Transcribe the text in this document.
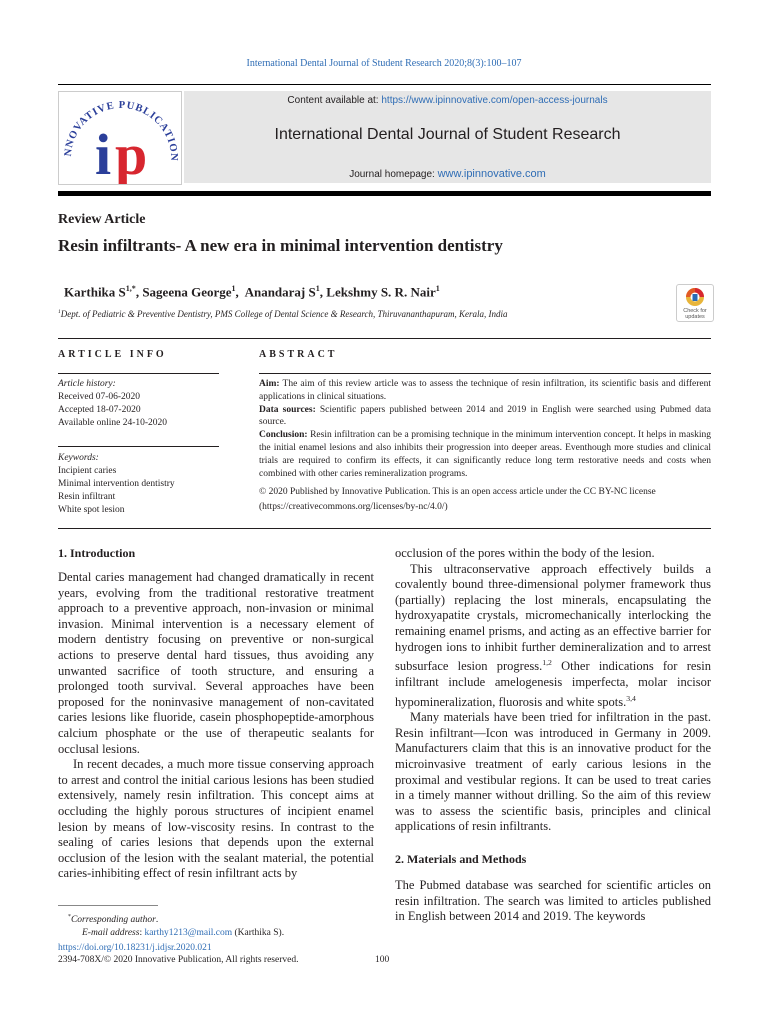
International Dental Journal of Student Research 2020;8(3):100–107
NNOVATIVE PUBLICATION
i p
Content available at: https://www.ipinnovative.com/open-access-journals
International Dental Journal of Student Research
Journal homepage: www.ipinnovative.com
Review Article
Resin infiltrants- A new era in minimal intervention dentistry
Karthika $S^{1,*}$, Sageena George$^1$,  Anandaraj $S^1$, Lekshmy S. R. Nair$^1$
$^1$Dept. of Pediatric & Preventive Dentistry, PMS College of Dental Science & Research, Thiruvananthapuram, Kerala, India	Check for updates
ARTICLE INFO	ABSTRACT
Article history:
Received 07-06-2020
Accepted 18-07-2020
Available online 24-10-2020
Keywords:
Incipient caries
Minimal intervention dentistry
Resin infiltrant
White spot lesion
Aim: The aim of this review article was to assess the technique of resin infiltration, its scientific basis and different applications in clinical situations.
Data sources: Scientific papers published between 2014 and 2019 in English were searched using Pubmed data source.
Conclusion: Resin infiltration can be a promising technique in the minimum intervention concept. It helps in masking the initial enamel lesions and also inhibits their progression into deeper areas. Eventhough more studies and clinical trials are required to confirm its effects, it can significantly reduce long term restorative needs and costs when combined with other caries remineralization programs.
© 2020 Published by Innovative Publication. This is an open access article under the CC BY-NC license (https://creativecommons.org/licenses/by-nc/4.0/)
1. Introduction

Dental caries management had changed dramatically in recent years, evolving from the traditional restorative treatment approach to a preventive approach, non-invasion or minimal invasion. Minimal intervention is a necessary element of modern dentistry focusing on preventive or non-surgical actions to preserve dental hard tissues, thus avoiding any unwanted sacrifice of tooth structure, and ensuring a prolonged tooth survival. Several approaches have been proposed for the noninvasive management of non-cavitated caries lesions like fluoride, casein phosphopeptide-amorphous calcium phosphate or the use of therapeutic sealants for occlusal lesions.

In recent decades, a much more tissue conserving approach to arrest and control the initial carious lesions has been studied extensively, namely resin infiltration. This concept aims at occluding the highly porous structures of incipient enamel lesion by means of low-viscosity resins. In contrast to the sealing of caries lesions that depends upon the external occlusion of the lesion with the sealant material, the potential caries-inhibiting effect of resin infiltrant acts by

occlusion of the pores within the body of the lesion.

This ultraconservative approach effectively builds a covalently bound three-dimensional polymer framework thus (partially) replacing the lost minerals, encapsulating the hydroxyapatite crystals, micromechanically interlocking the remaining enamel prisms, and acting as an effective barrier for hydrogen ions to inhibit further demineralization and to arrest subsurface lesion progress.$^{1,2}$ Other indications for resin infiltrant include amelogenesis imperfecta, molar incisor hypomineralization, fluorosis and white spots.$^{3,4}$

Many materials have been tried for infiltration in the past. Resin infiltrant—Icon was introduced in Germany in 2009. Manufacturers claim that this is an innovative product for the microinvasive treatment of early carious lesions in the proximal and vestibular regions. It can be used to treat caries in a timely manner without drilling. So the aim of this review was to assess the scientific basis, principles and clinical applications of resin infiltrants.

2. Materials and Methods

The Pubmed database was searched for scientific articles on resin infiltration. The search was limited to articles published in English between 2014 and 2019. The keywords

*Corresponding author.
E-mail address: karthy1213@mail.com (Karthika S).
https://doi.org/10.18231/j.idjsr.2020.021
2394-708X/© 2020 Innovative Publication, All rights reserved.	100
